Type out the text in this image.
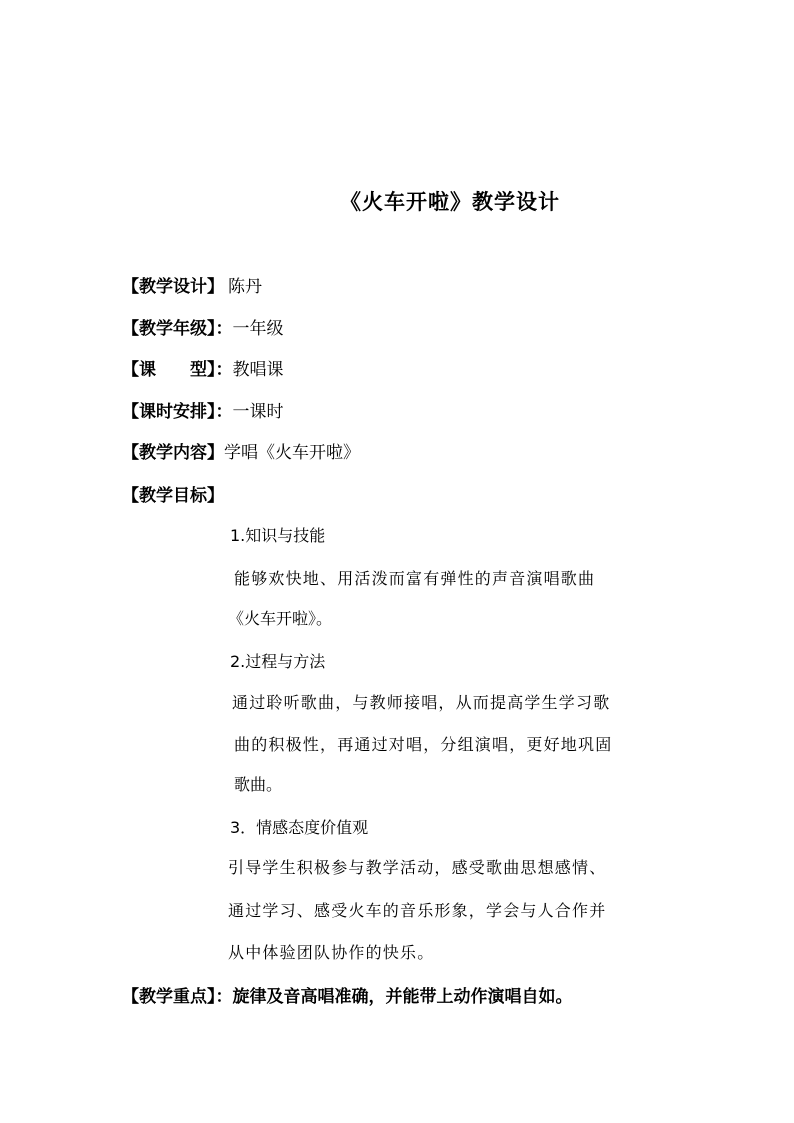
《火车开啦》教学设计
【教学设计】 陈丹
【教学年级】：一年级
【课　　型】：教唱课
【课时安排】：一课时
【教学内容】学唱《火车开啦》
【教学目标】
1.知识与技能
能够欢快地、用活泼而富有弹性的声音演唱歌曲
《火车开啦》。
2.过程与方法
通过聆听歌曲，与教师接唱，从而提高学生学习歌
曲的积极性，再通过对唱，分组演唱，更好地巩固
歌曲。
3．情感态度价值观
引导学生积极参与教学活动，感受歌曲思想感情、
通过学习、感受火车的音乐形象，学会与人合作并
从中体验团队协作的快乐。
【教学重点】：旋律及音高唱准确，并能带上动作演唱自如。
